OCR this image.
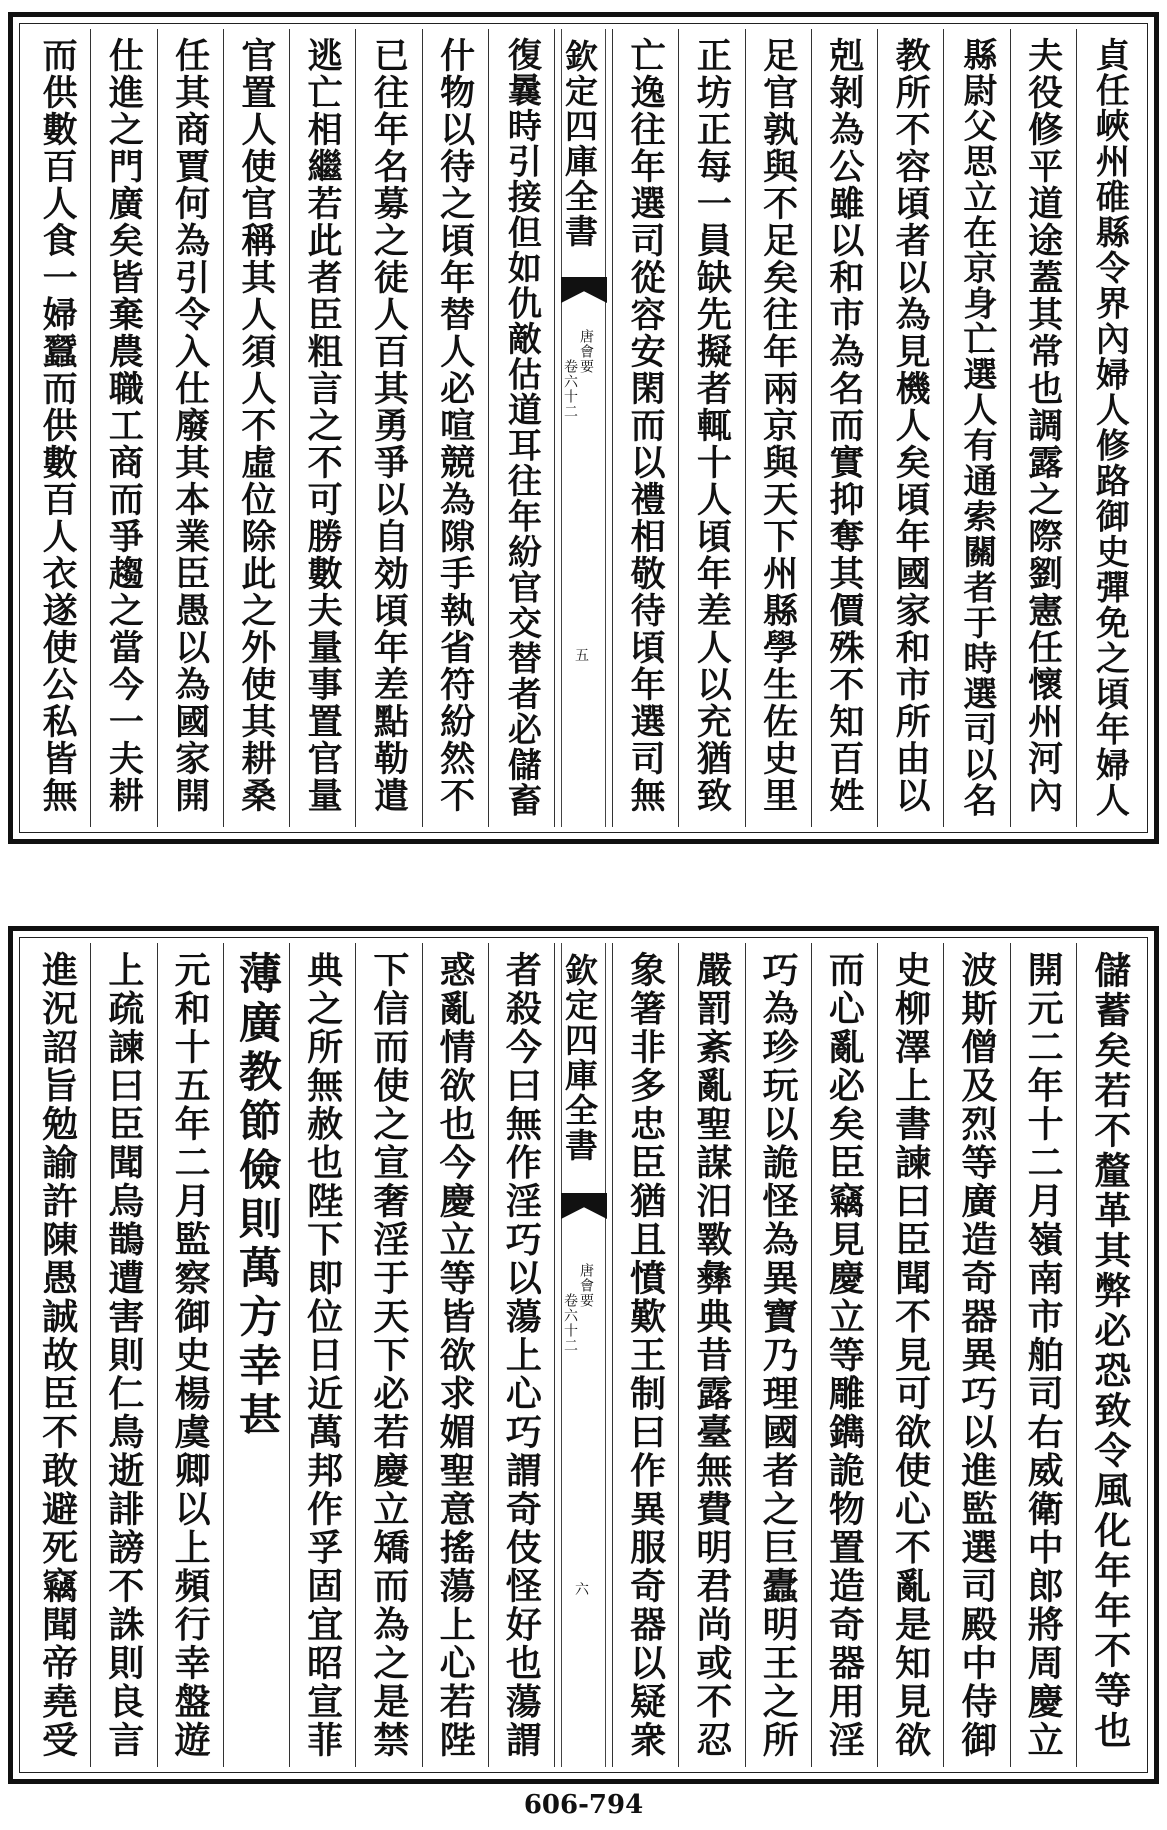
貞任峽州碓縣令界內婦人修路御史彈免之頃年婦人
夫役修平道途蓋其常也調露之際劉憲任懷州河內
縣尉父思立在京身亡選人有通索關者于時選司以名
教所不容頃者以為見機人矣頃年國家和市所由以
剋剝為公雖以和市為名而實抑奪其價殊不知百姓
足官孰與不足矣往年兩京與天下州縣學生佐史里
正坊正每一員缺先擬者輒十人頃年差人以充猶致
亡逸往年選司從容安閑而以禮相敬待頃年選司無
欽定四庫全書
唐會要
卷六十二
五
復曩時引接但如仇敵估道耳往年紛官交替者必儲畜
什物以待之頃年替人必喧競為隙手執省符紛然不
已往年名募之徒人百其勇爭以自効頃年差點勒遣
逃亡相繼若此者臣粗言之不可勝數夫量事置官量
官置人使官稱其人須人不虛位除此之外使其耕桑
任其商賈何為引令入仕廢其本業臣愚以為國家開
仕進之門廣矣皆棄農職工商而爭趨之當今一夫耕
而供數百人食一婦蠶而供數百人衣遂使公私皆無
儲蓄矣若不釐革其弊必恐致令風化年年不等也
開元二年十二月嶺南市舶司右威衛中郎將周慶立
波斯僧及烈等廣造奇器異巧以進監選司殿中侍御
史柳澤上書諫曰臣聞不見可欲使心不亂是知見欲
而心亂必矣臣竊見慶立等雕鐫詭物置造奇器用淫
巧為珍玩以詭怪為異寶乃理國者之巨蠹明王之所
嚴罰紊亂聖謀汨斁彝典昔露臺無費明君尚或不忍
象箸非多忠臣猶且憤歎王制曰作異服奇器以疑衆
欽定四庫全書
唐會要
卷六十二
六
者殺今曰無作淫巧以蕩上心巧謂奇伎怪好也蕩謂
惑亂情欲也今慶立等皆欲求媚聖意搖蕩上心若陛
下信而使之宣奢淫于天下必若慶立矯而為之是禁
典之所無赦也陛下即位日近萬邦作孚固宜昭宣菲
薄廣教節儉則萬方幸甚
元和十五年二月監察御史楊虞卿以上頻行幸盤遊
上疏諫曰臣聞烏鵲遭害則仁鳥逝誹謗不誅則良言
進況詔旨勉諭許陳愚誠故臣不敢避死竊聞帝堯受
606-794
